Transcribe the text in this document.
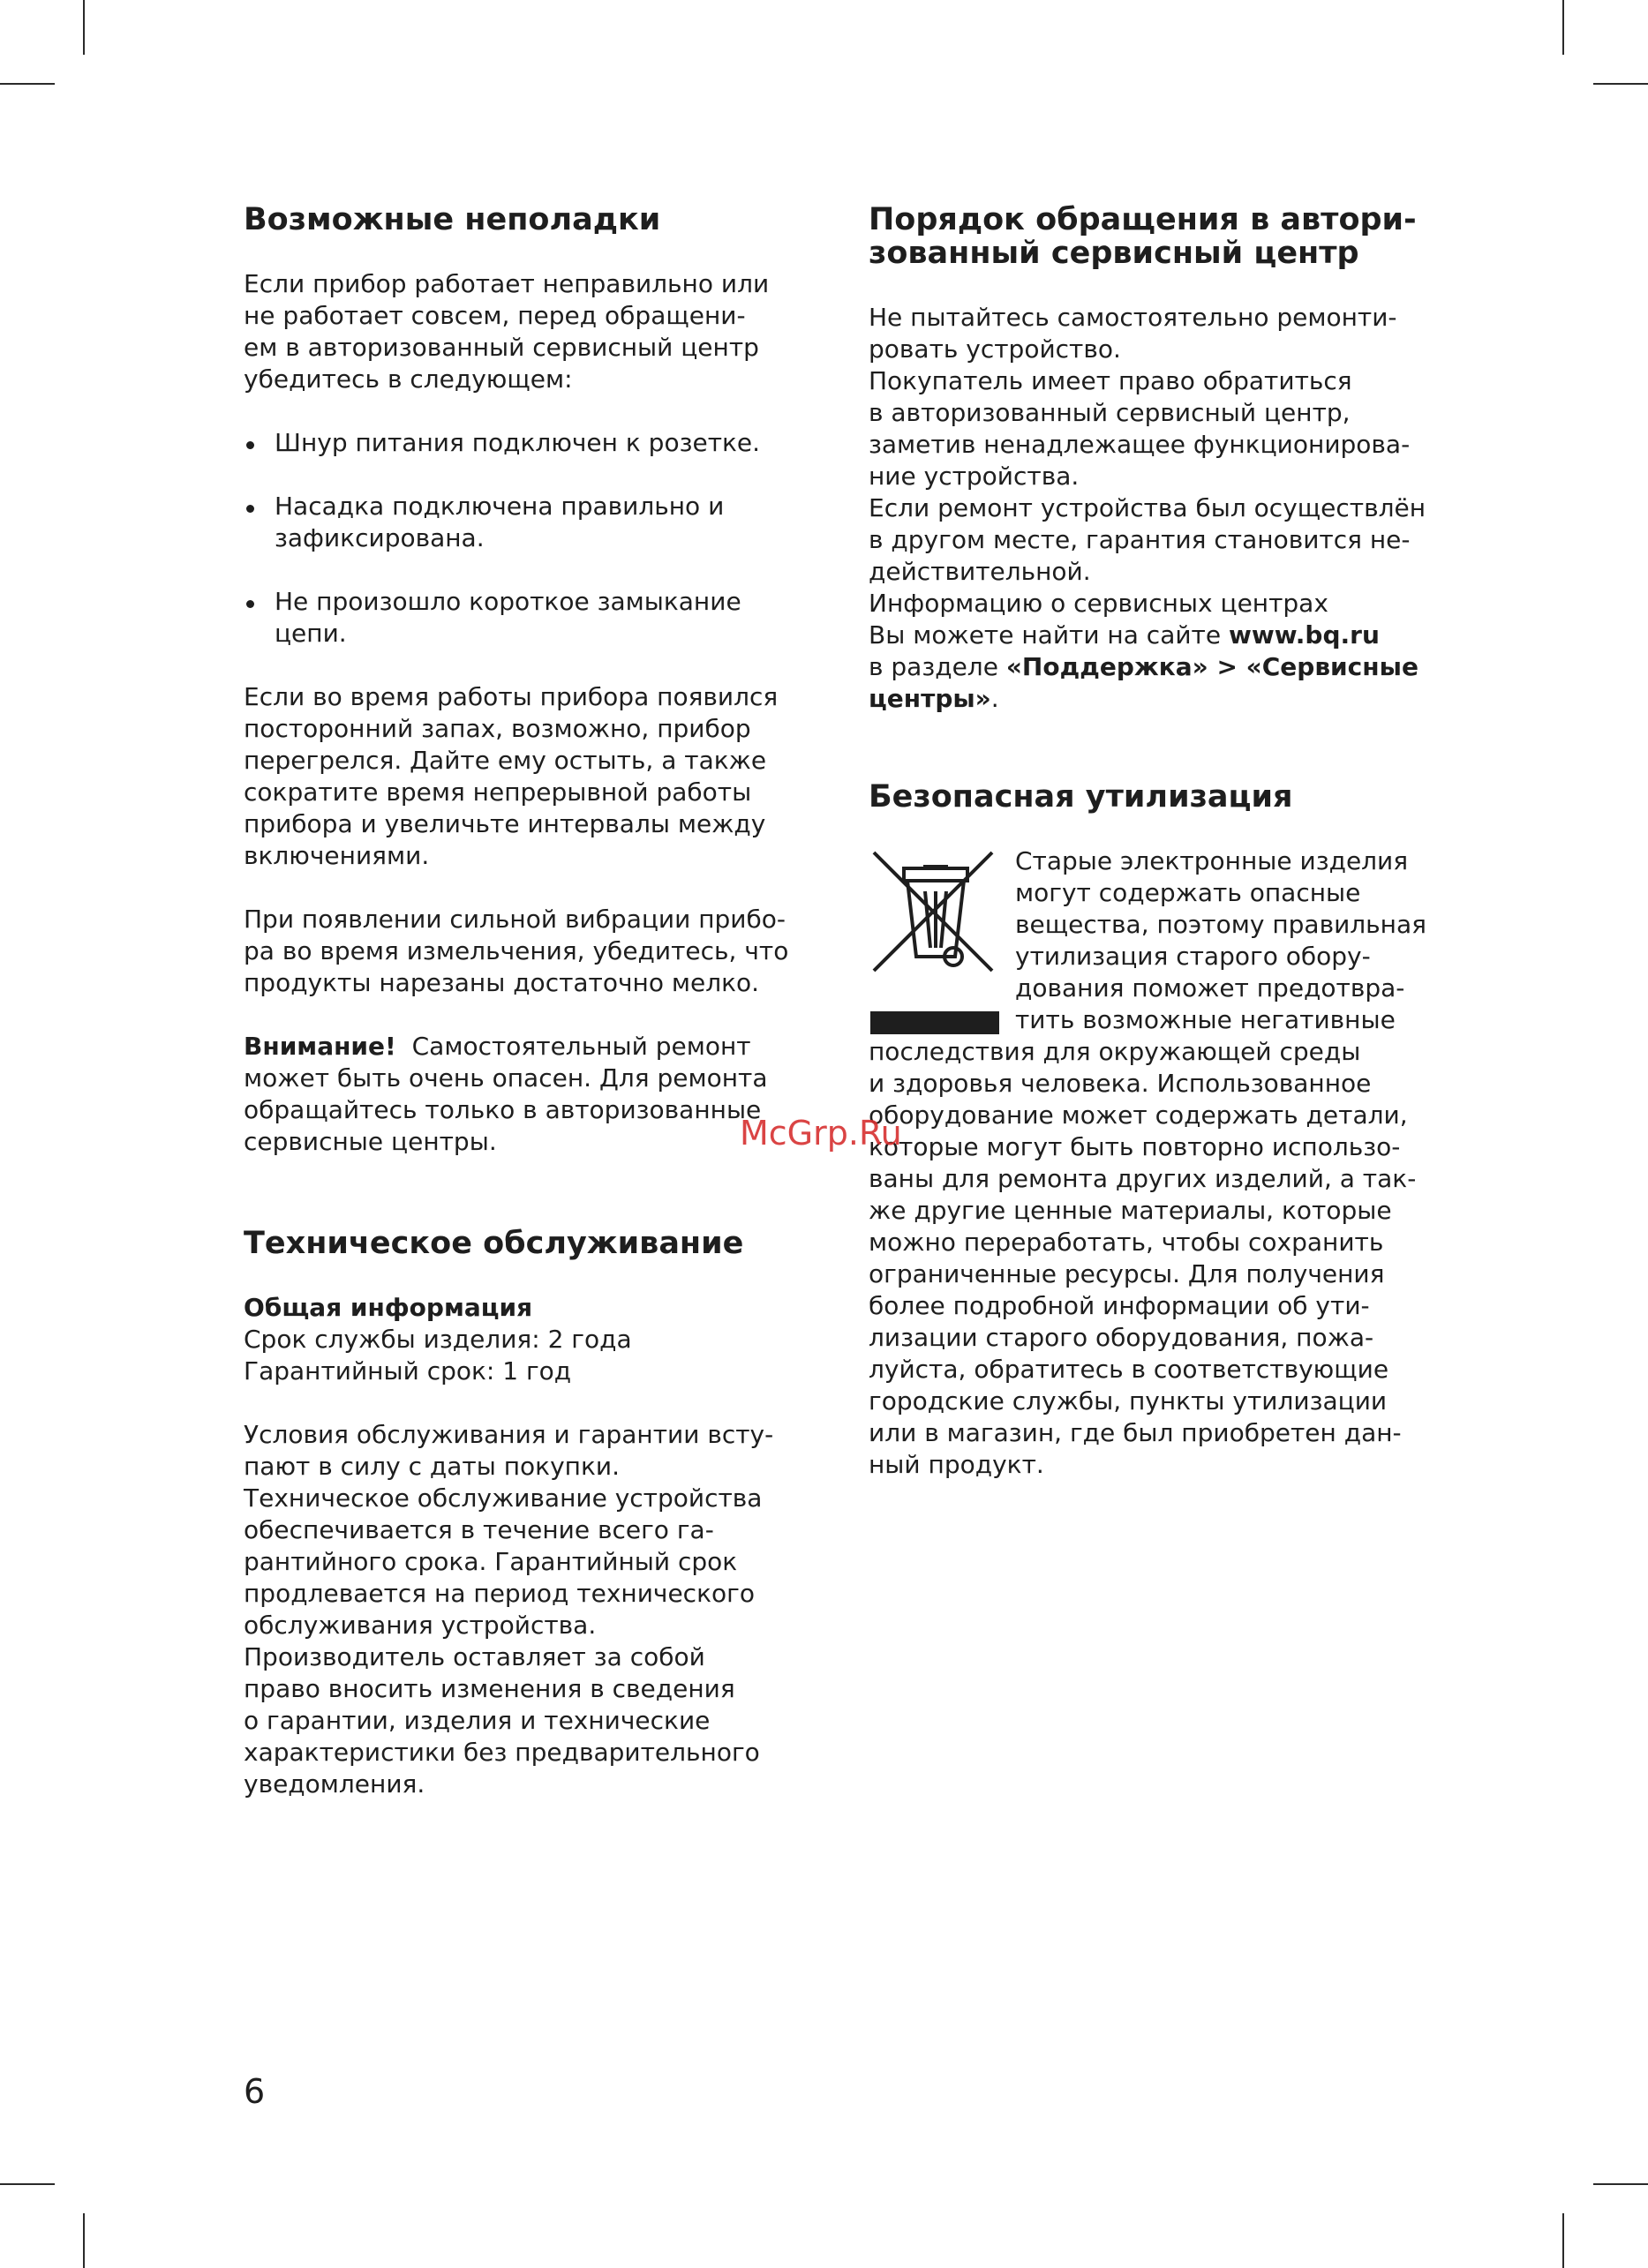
Возможные неполадки
Если прибор работает неправильно или
не работает совсем, перед обращени-
ем в авторизованный сервисный центр
убедитесь в следующем:
Шнур питания подключен к розетке.
Насадка подключена правильно и
зафиксирована.
Не произошло короткое замыкание
цепи.
Если во время работы прибора появился
посторонний запах, возможно, прибор
перегрелся. Дайте ему остыть, а также
сократите время непрерывной работы
прибора и увеличьте интервалы между
включениями.
При появлении сильной вибрации прибо-
ра во время измельчения, убедитесь, что
продукты нарезаны достаточно мелко.
Внимание! Самостоятельный ремонт
может быть очень опасен. Для ремонта
обращайтесь только в авторизованные
сервисные центры.
Техническое обслуживание
Общая информация
Срок службы изделия: 2 года
Гарантийный срок: 1 год
Условия обслуживания и гарантии всту-
пают в силу с даты покупки.
Техническое обслуживание устройства
обеспечивается в течение всего га-
рантийного срока. Гарантийный срок
продлевается на период технического
обслуживания устройства.
Производитель оставляет за собой
право вносить изменения в сведения
о гарантии, изделия и технические
характеристики без предварительного
уведомления.
Порядок обращения в автори-
зованный сервисный центр
Не пытайтесь самостоятельно ремонти-
ровать устройство.
Покупатель имеет право обратиться
в авторизованный сервисный центр,
заметив ненадлежащее функционирова-
ние устройства.
Если ремонт устройства был осуществлён
в другом месте, гарантия становится не-
действительной.
Информацию о сервисных центрах
Вы можете найти на сайте www.bq.ru
в разделе «Поддержка» > «Сервисные
центры».
Безопасная утилизация
Старые электронные изделия
могут содержать опасные
вещества, поэтому правильная
утилизация старого обору-
дования поможет предотвра-
тить возможные негативные
последствия для окружающей среды
и здоровья человека. Использованное
оборудование может содержать детали,
которые могут быть повторно использо-
ваны для ремонта других изделий, а так-
же другие ценные материалы, которые
можно переработать, чтобы сохранить
ограниченные ресурсы. Для получения
более подробной информации об ути-
лизации старого оборудования, пожа-
луйста, обратитесь в соответствующие
городские службы, пункты утилизации
или в магазин, где был приобретен дан-
ный продукт.
McGrp.Ru
6
